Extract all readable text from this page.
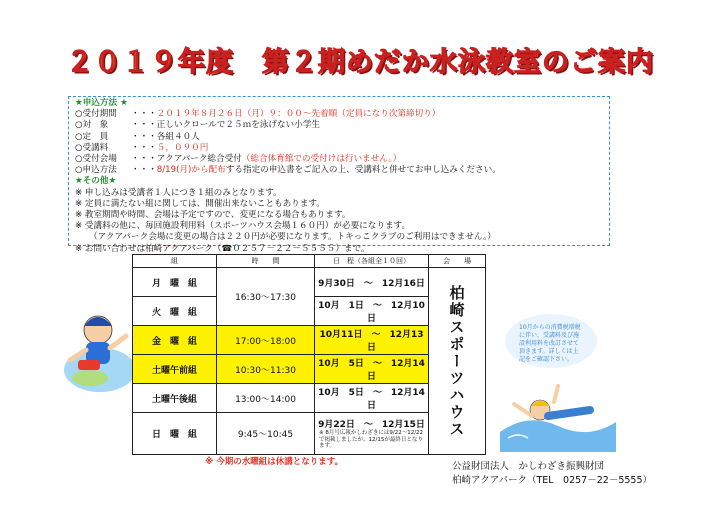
２０１９年度　第２期めだか水泳教室のご案内
★申込方法 ★
○受付期間 ・・・２０１９年８月２６日（月）９：００～先着順（定員になり次第締切り）
○対　象	・・・正しいクロールで２５ｍを泳げない小学生
○定　員	・・・各組４０人
○受講料	・・・５，０９０円
○受付会場 ・・・アクアパーク総合受付（総合体育館での受付けは行いません。）
○申込方法 ・・・8/19(月)から配布する指定の申込書をご記入の上、受講料と併せてお申し込みください。
★その他★
※ 申し込みは受講者１人につき１組のみとなります。
※ 定員に満たない組に関しては、開催出来ないこともあります。
※ 教室期間や時間、会場は予定ですので、変更になる場合もあります。
※ 受講料の他に、毎回施設利用料（スポーツハウス会場１６０円）が必要になります。
（アクアパーク会場に変更の場合は２２０円が必要になります。トキっこクラブのご利用はできません。）
※ お問い合わせは柏崎アクアパーク（☎０２５７－２２－５５５５）まで。
組	時　　間	日　程（各組全１０回）	会　　場
月　曜　組	16:30～17:30	9月30日　～　12月16日	柏崎スポーツハウス
火　曜　組		10月　1日　～　12月10日	
金　曜　組	17:00～18:00	10月11日　～　12月13日	
土曜午前組	10:30～11:30	10月　5日　～　12月14日	
土曜午後組	13:00～14:00	10月　5日　～　12月14日	
日　曜　組	9:45～10:45	9月22日　～　12月15日
※ 8月号広報かしわざきには9/22～12/22で掲載しましたが、12/15が最終日となります。	
※ 今期の水曜組は休講となります。
10月からの消費税増税に伴い、受講料及び施設利用料を改訂させて頂きます。詳しくは上記をご確認下さい。
公益財団法人　かしわざき振興財団
柏崎アクアパーク（TEL　0257－22－5555）
